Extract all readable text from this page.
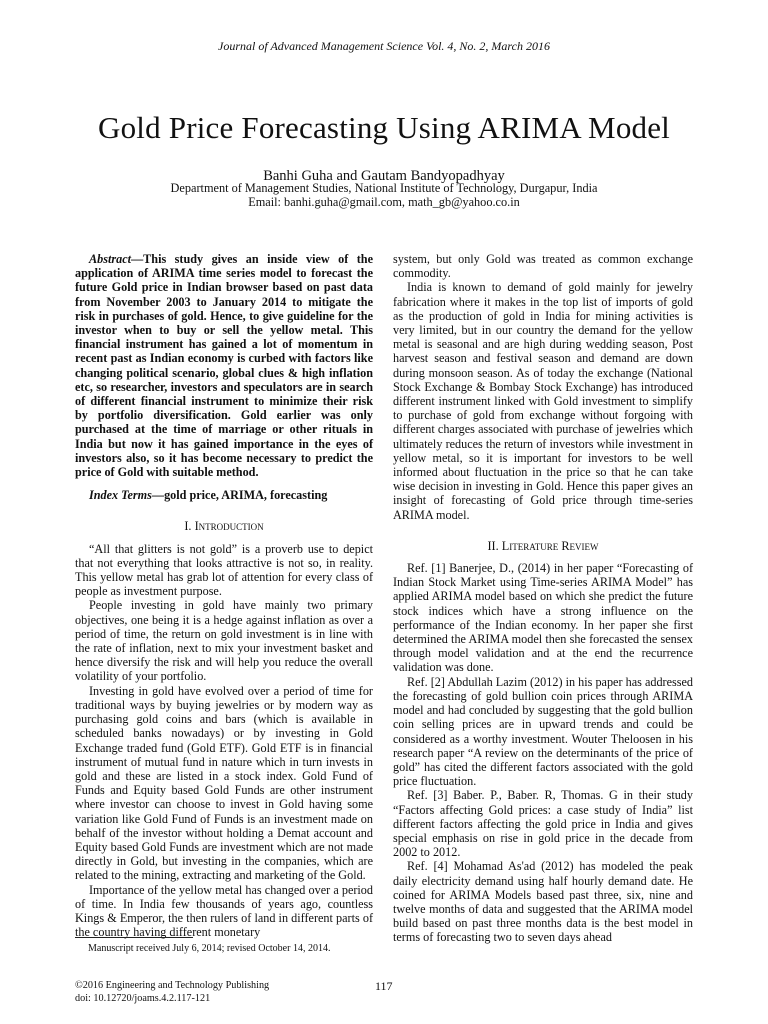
Journal of Advanced Management Science Vol. 4, No. 2, March 2016
Gold Price Forecasting Using ARIMA Model
Banhi Guha and Gautam Bandyopadhyay
Department of Management Studies, National Institute of Technology, Durgapur, India
Email: banhi.guha@gmail.com, math_gb@yahoo.co.in

Abstract—This study gives an inside view of the application of ARIMA time series model to forecast the future Gold price in Indian browser based on past data from November 2003 to January 2014 to mitigate the risk in purchases of gold. Hence, to give guideline for the investor when to buy or sell the yellow metal. This financial instrument has gained a lot of momentum in recent past as Indian economy is curbed with factors like changing political scenario, global clues & high inflation etc, so researcher, investors and speculators are in search of different financial instrument to minimize their risk by portfolio diversification. Gold earlier was only purchased at the time of marriage or other rituals in India but now it has gained importance in the eyes of investors also, so it has become necessary to predict the price of Gold with suitable method.

Index Terms—gold price, ARIMA, forecasting

I. Introduction

“All that glitters is not gold” is a proverb use to depict that not everything that looks attractive is not so, in reality. This yellow metal has grab lot of attention for every class of people as investment purpose.

People investing in gold have mainly two primary objectives, one being it is a hedge against inflation as over a period of time, the return on gold investment is in line with the rate of inflation, next to mix your investment basket and hence diversify the risk and will help you reduce the overall volatility of your portfolio.

Investing in gold have evolved over a period of time for traditional ways by buying jewelries or by modern way as purchasing gold coins and bars (which is available in scheduled banks nowadays) or by investing in Gold Exchange traded fund (Gold ETF). Gold ETF is in financial instrument of mutual fund in nature which in turn invests in gold and these are listed in a stock index. Gold Fund of Funds and Equity based Gold Funds are other instrument where investor can choose to invest in Gold having some variation like Gold Fund of Funds is an investment made on behalf of the investor without holding a Demat account and Equity based Gold Funds are investment which are not made directly in Gold, but investing in the companies, which are related to the mining, extracting and marketing of the Gold.

Importance of the yellow metal has changed over a period of time. In India few thousands of years ago, countless Kings & Emperor, the then rulers of land in different parts of the country having different monetary

system, but only Gold was treated as common exchange commodity.

India is known to demand of gold mainly for jewelry fabrication where it makes in the top list of imports of gold as the production of gold in India for mining activities is very limited, but in our country the demand for the yellow metal is seasonal and are high during wedding season, Post harvest season and festival season and demand are down during monsoon season. As of today the exchange (National Stock Exchange & Bombay Stock Exchange) has introduced different instrument linked with Gold investment to simplify to purchase of gold from exchange without forgoing with different charges associated with purchase of jewelries which ultimately reduces the return of investors while investment in yellow metal, so it is important for investors to be well informed about fluctuation in the price so that he can take wise decision in investing in Gold. Hence this paper gives an insight of forecasting of Gold price through time-series ARIMA model.

II. Literature Review

Ref. [1] Banerjee, D., (2014) in her paper “Forecasting of Indian Stock Market using Time-series ARIMA Model” has applied ARIMA model based on which she predict the future stock indices which have a strong influence on the performance of the Indian economy. In her paper she first determined the ARIMA model then she forecasted the sensex through model validation and at the end the recurrence validation was done.

Ref. [2] Abdullah Lazim (2012) in his paper has addressed the forecasting of gold bullion coin prices through ARIMA model and had concluded by suggesting that the gold bullion coin selling prices are in upward trends and could be considered as a worthy investment. Wouter Theloosen in his research paper “A review on the determinants of the price of gold” has cited the different factors associated with the gold price fluctuation.

Ref. [3] Baber. P., Baber. R, Thomas. G in their study “Factors affecting Gold prices: a case study of India” list different factors affecting the gold price in India and gives special emphasis on rise in gold price in the decade from 2002 to 2012.

Ref. [4] Mohamad As'ad (2012) has modeled the peak daily electricity demand using half hourly demand date. He coined for ARIMA Models based past three, six, nine and twelve months of data and suggested that the ARIMA model build based on past three months data is the best model in terms of forecasting two to seven days ahead

Manuscript received July 6, 2014; revised October 14, 2014.
©2016 Engineering and Technology Publishing
doi: 10.12720/joams.4.2.117-121
117
